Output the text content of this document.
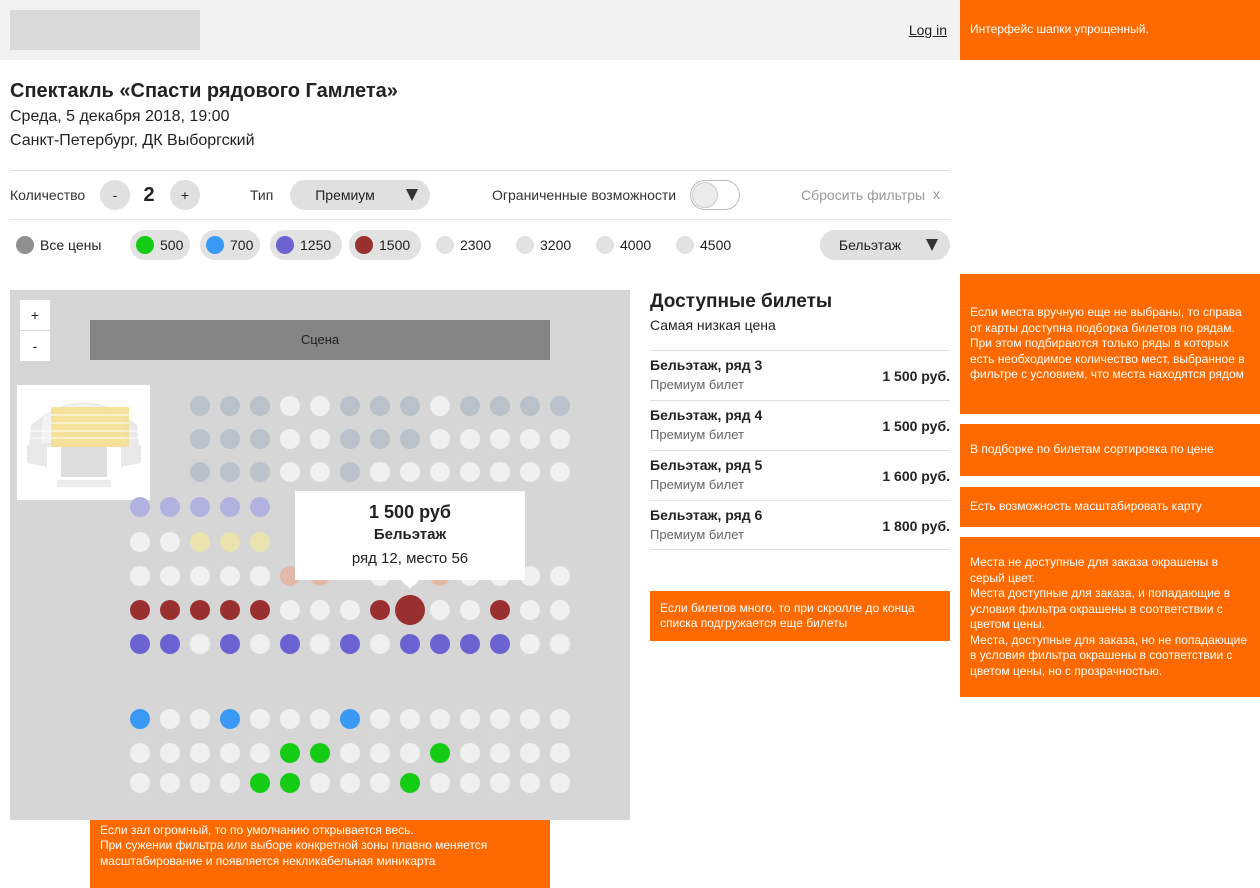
Log in	Интерфейс шапки упрощенный.
Если места вручную еще не выбраны, то справа от карты доступна подборка билетов по рядам.
При этом подбираются только ряды в которых есть необходимое количество мест, выбранное в фильтре с условием, что места находятся рядом
В подборке по билетам сортировка по цене
Есть возможность масштабировать карту
Места не доступные для заказа окрашены в серый цвет.
Места доступные для заказа, и попадающие в условия фильтра окрашены в соответствии с цветом цены.
Места, доступные для заказа, но не попадающие в условия фильтра окрашены в соответствии с цветом цены, но с прозрачностью.
Если билетов много, то при скролле до конца списка подгружается еще билеты
Если зал огромный, то по умолчанию открывается весь.
При сужении фильтра или выборе конкретной зоны плавно меняется масштабирование и появляется некликабельная миникарта
Спектакль «Спасти рядового Гамлета»
Среда, 5 декабря 2018, 19:00
Санкт-Петербург, ДК Выборгский
Количество	-	2	+	Тип	Премиум	Ограниченные возможности	Сбросить фильтры x
Все цены	500	700	1250	1500	2300	3200	4000	4500	Бельэтаж
+
-	Сцена
1 500 руб
Бельэтаж
ряд 12, место 56
Доступные билеты
Самая низкая цена
Бельэтаж, ряд 3
Премиум билет
1 500 руб.
Бельэтаж, ряд 4
Премиум билет
1 500 руб.
Бельэтаж, ряд 5
Премиум билет
1 600 руб.
Бельэтаж, ряд 6
Премиум билет
1 800 руб.
